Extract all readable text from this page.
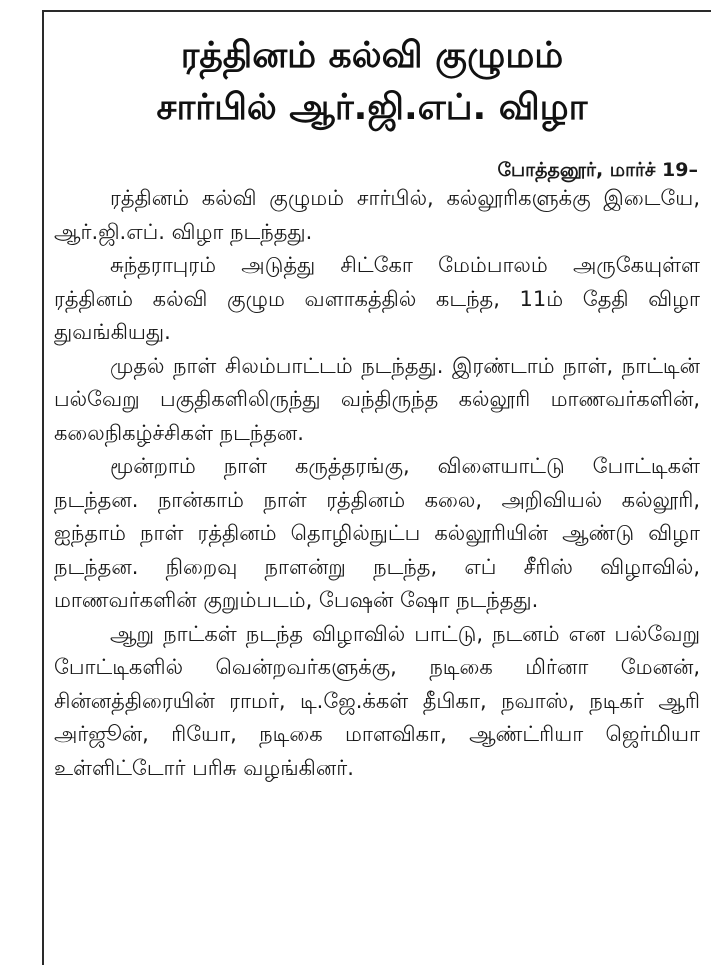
ரத்தினம் கல்வி குழுமம்
சார்பில் ஆர்.ஜி.எப். விழா
போத்தனூர், மார்ச் 19–

ரத்தினம் கல்வி குழுமம் சார்பில், கல்லூரிகளுக்கு இடையே, ஆர்.ஜி.எப். விழா நடந்தது.

சுந்தராபுரம் அடுத்து சிட்கோ மேம்பாலம் அருகேயுள்ள ரத்தினம் கல்வி குழும வளாகத்தில் கடந்த, 11ம் தேதி விழா துவங்கியது.

முதல் நாள் சிலம்பாட்டம் நடந்தது. இரண்டாம் நாள், நாட்டின் பல்வேறு பகுதிகளிலிருந்து வந்திருந்த கல்லூரி மாணவர்களின், கலைநிகழ்ச்சிகள் நடந்தன.

மூன்றாம் நாள் கருத்தரங்கு, விளையாட்டு போட்டிகள் நடந்தன. நான்காம் நாள் ரத்தினம் கலை, அறிவியல் கல்லூரி, ஐந்தாம் நாள் ரத்தினம் தொழில்நுட்ப கல்லூரியின் ஆண்டு விழா நடந்தன. நிறைவு நாளன்று நடந்த, எப் சீரிஸ் விழாவில், மாணவர்களின் குறும்படம், பேஷன் ஷோ நடந்தது.

ஆறு நாட்கள் நடந்த விழாவில் பாட்டு, நடனம் என பல்வேறு போட்டிகளில் வென்றவர்களுக்கு, நடிகை மிர்னா மேனன், சின்னத்திரையின் ராமர், டி.ஜே.க்கள் தீபிகா, நவாஸ், நடிகர் ஆரி அர்ஜூன், ரியோ, நடிகை மாளவிகா, ஆண்ட்ரியா ஜெர்மியா உள்ளிட்டோர் பரிசு வழங்கினர்.
